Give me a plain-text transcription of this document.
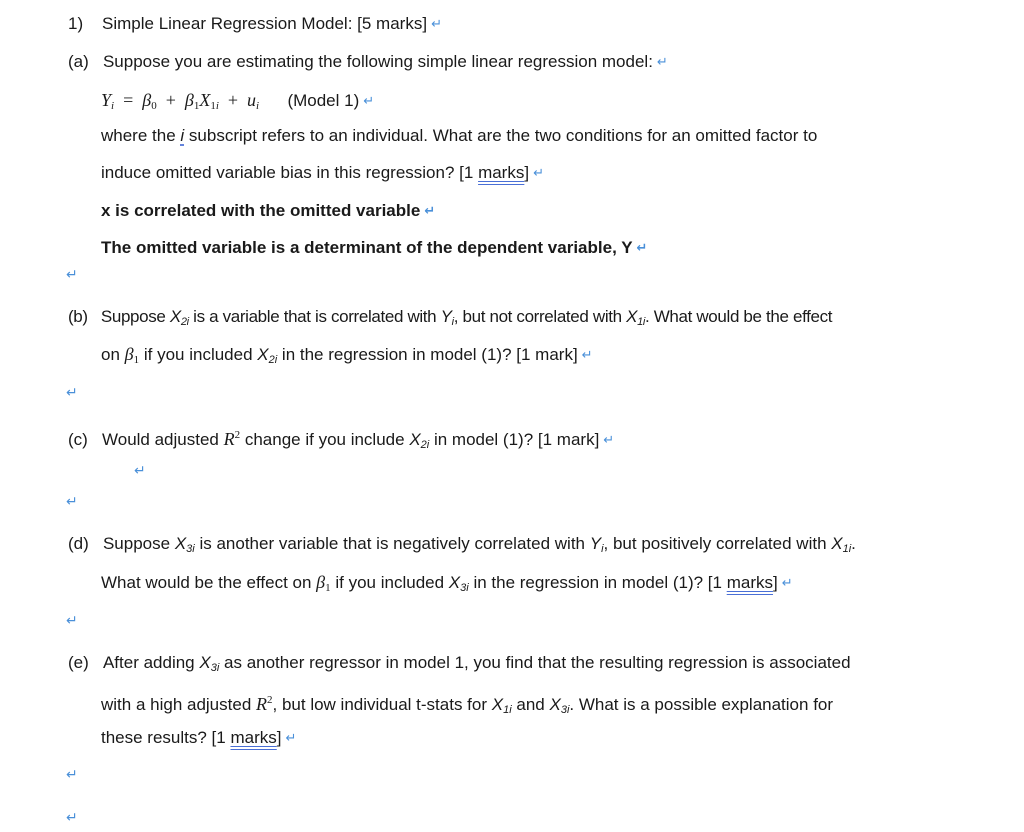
1) Simple Linear Regression Model: [5 marks] ↵
(a) Suppose you are estimating the following simple linear regression model: ↵
$Y_i = \beta_0 + \beta_1X_{1i} + u_i$ (Model 1) ↵
where the i subscript refers to an individual. What are the two conditions for an omitted factor to
induce omitted variable bias in this regression? [1 marks] ↵
x is correlated with the omitted variable ↵
The omitted variable is a determinant of the dependent variable, Y ↵
↵
(b) Suppose $X_{2i}$ is a variable that is correlated with $Y_i$, but not correlated with $X_{1i}$. What would be the effect
on $\beta_1$ if you included $X_{2i}$ in the regression in model (1)? [1 mark] ↵
↵
(c) Would adjusted $R^2$ change if you include $X_{2i}$ in model (1)? [1 mark] ↵
↵
↵
(d) Suppose $X_{3i}$ is another variable that is negatively correlated with $Y_i$, but positively correlated with $X_{1i}$.
What would be the effect on $\beta_1$ if you included $X_{3i}$ in the regression in model (1)? [1 marks] ↵
↵
(e) After adding $X_{3i}$ as another regressor in model 1, you find that the resulting regression is associated
with a high adjusted $R^2$, but low individual t-stats for $X_{1i}$ and $X_{3i}$. What is a possible explanation for
these results? [1 marks] ↵
↵
↵
